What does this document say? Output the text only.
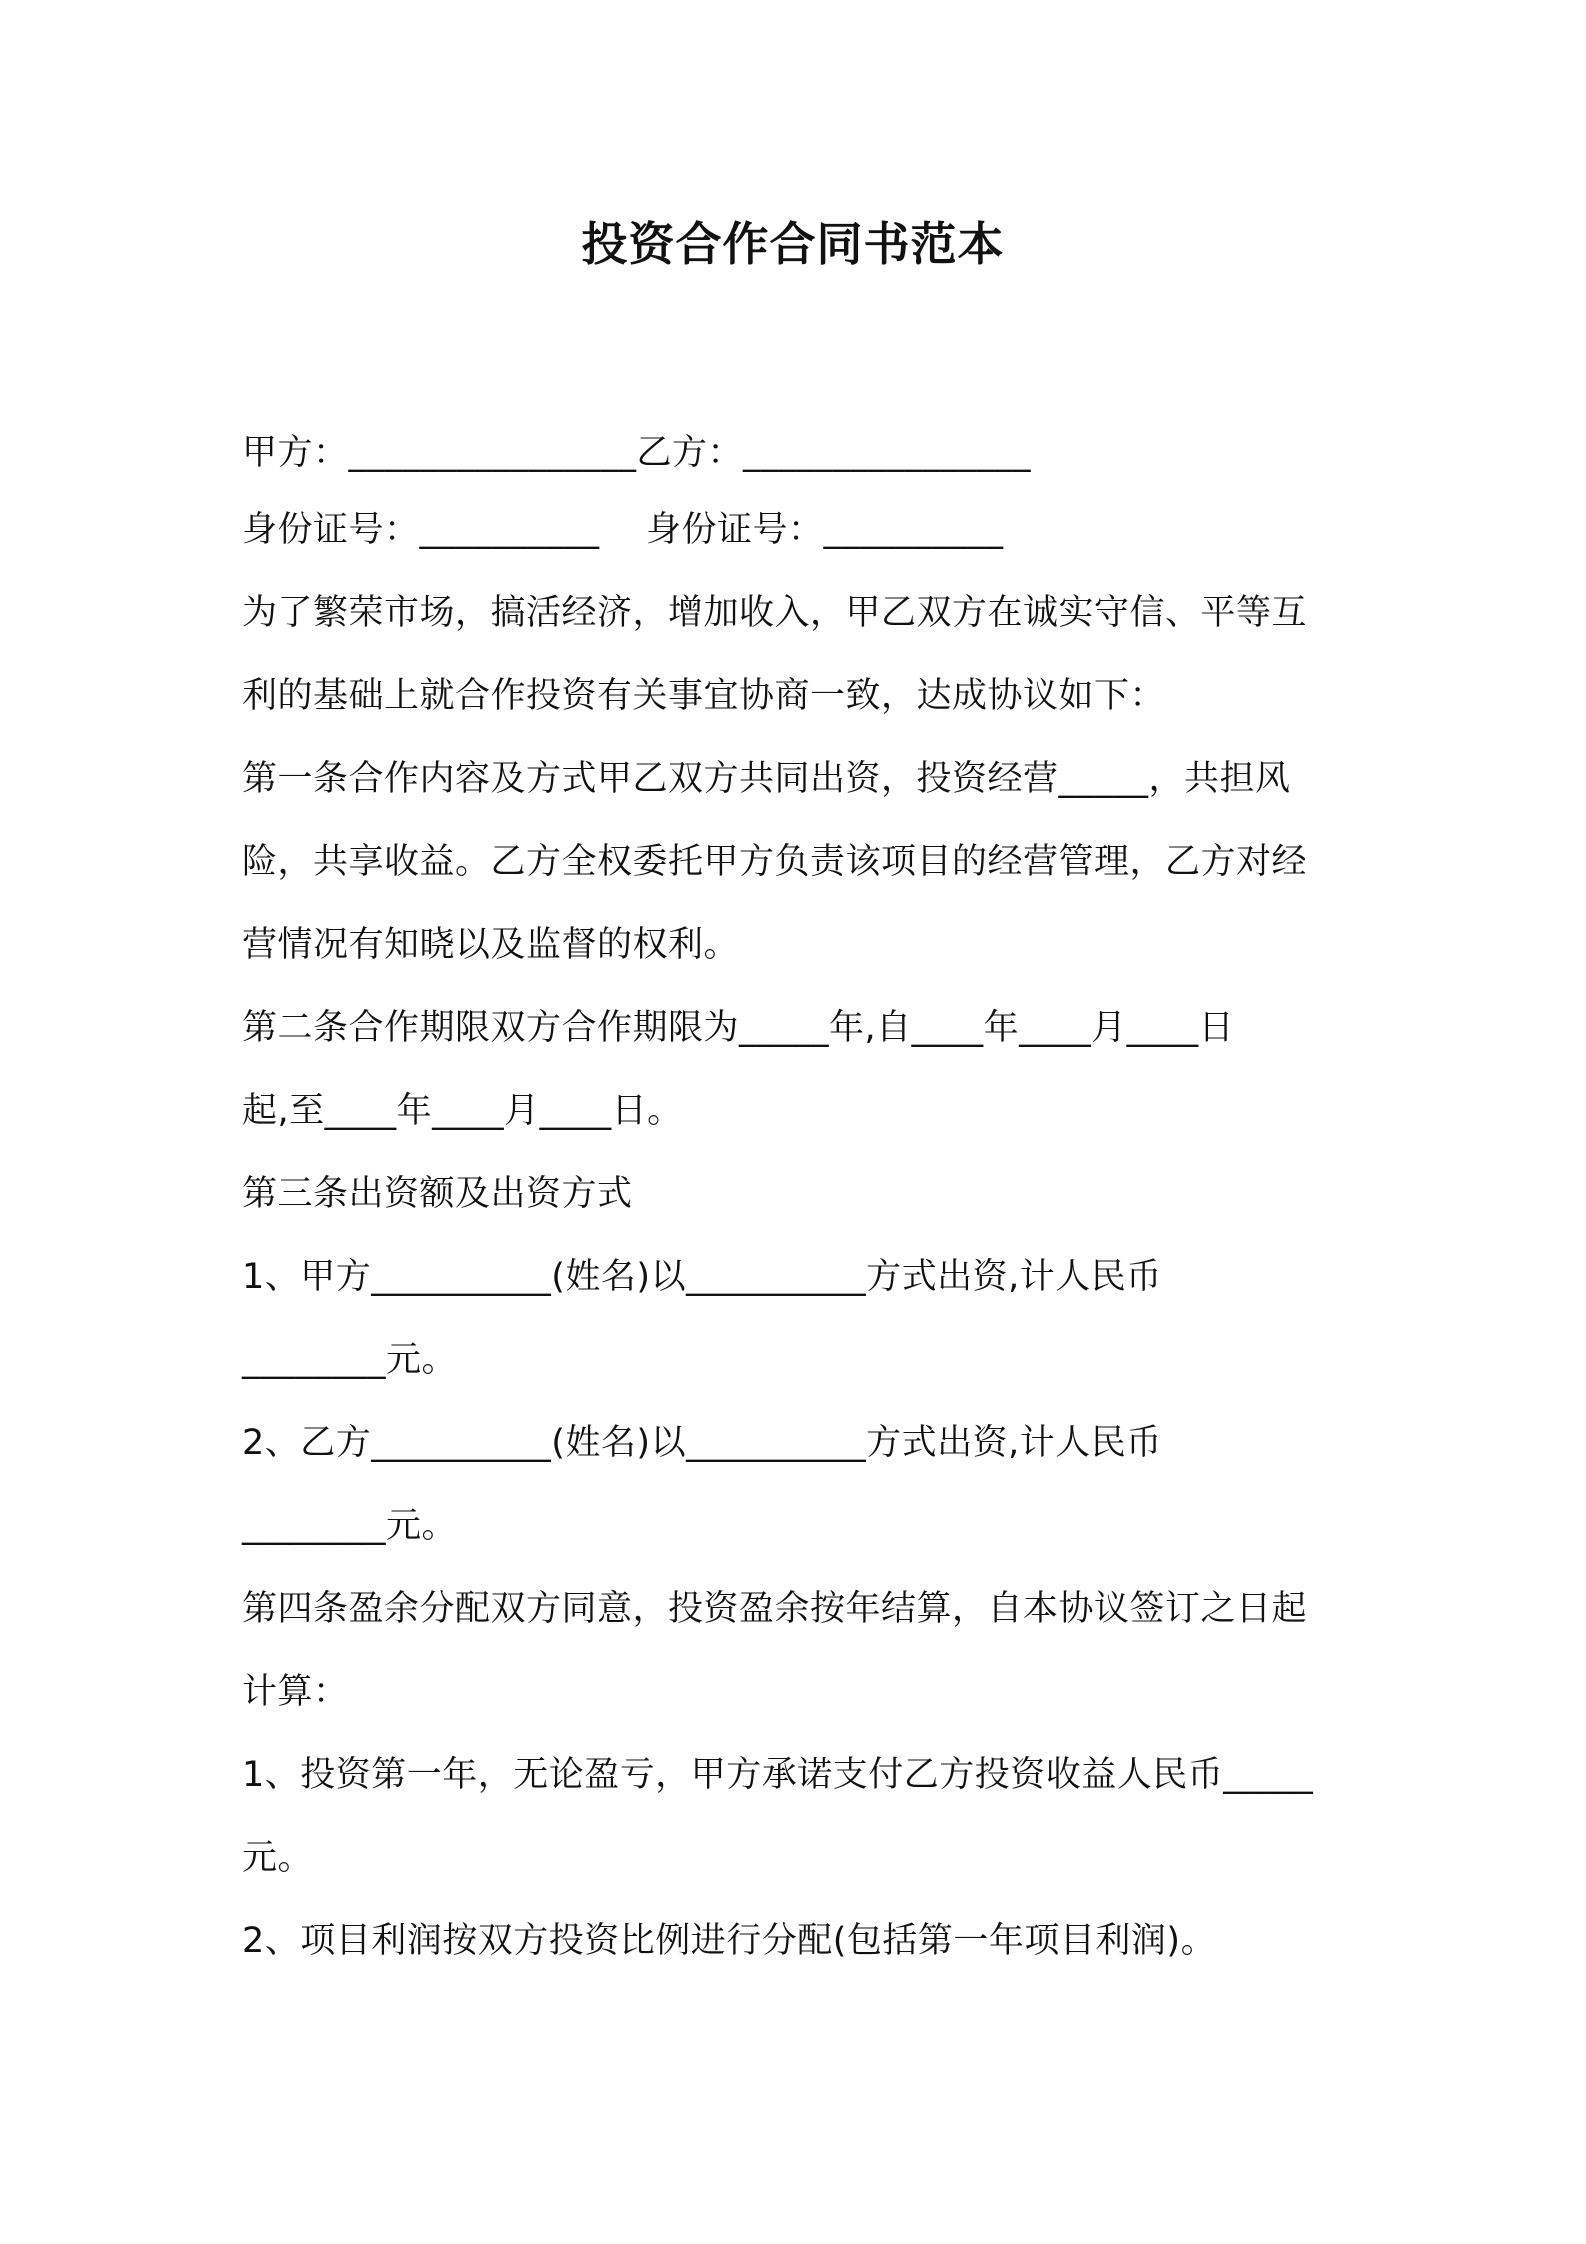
投资合作合同书范本
甲方：________________乙方：________________
身份证号：__________    身份证号：__________
为了繁荣市场，搞活经济，增加收入，甲乙双方在诚实守信、平等互
利的基础上就合作投资有关事宜协商一致，达成协议如下：
第一条合作内容及方式甲乙双方共同出资，投资经营_____，共担风
险，共享收益。乙方全权委托甲方负责该项目的经营管理，乙方对经
营情况有知晓以及监督的权利。
第二条合作期限双方合作期限为_____年,自____年____月____日
起,至____年____月____日。
第三条出资额及出资方式
1、甲方__________(姓名)以__________方式出资,计人民币
________元。
2、乙方__________(姓名)以__________方式出资,计人民币
________元。
第四条盈余分配双方同意，投资盈余按年结算，自本协议签订之日起
计算：
1、投资第一年，无论盈亏，甲方承诺支付乙方投资收益人民币_____
元。
2、项目利润按双方投资比例进行分配(包括第一年项目利润)。
